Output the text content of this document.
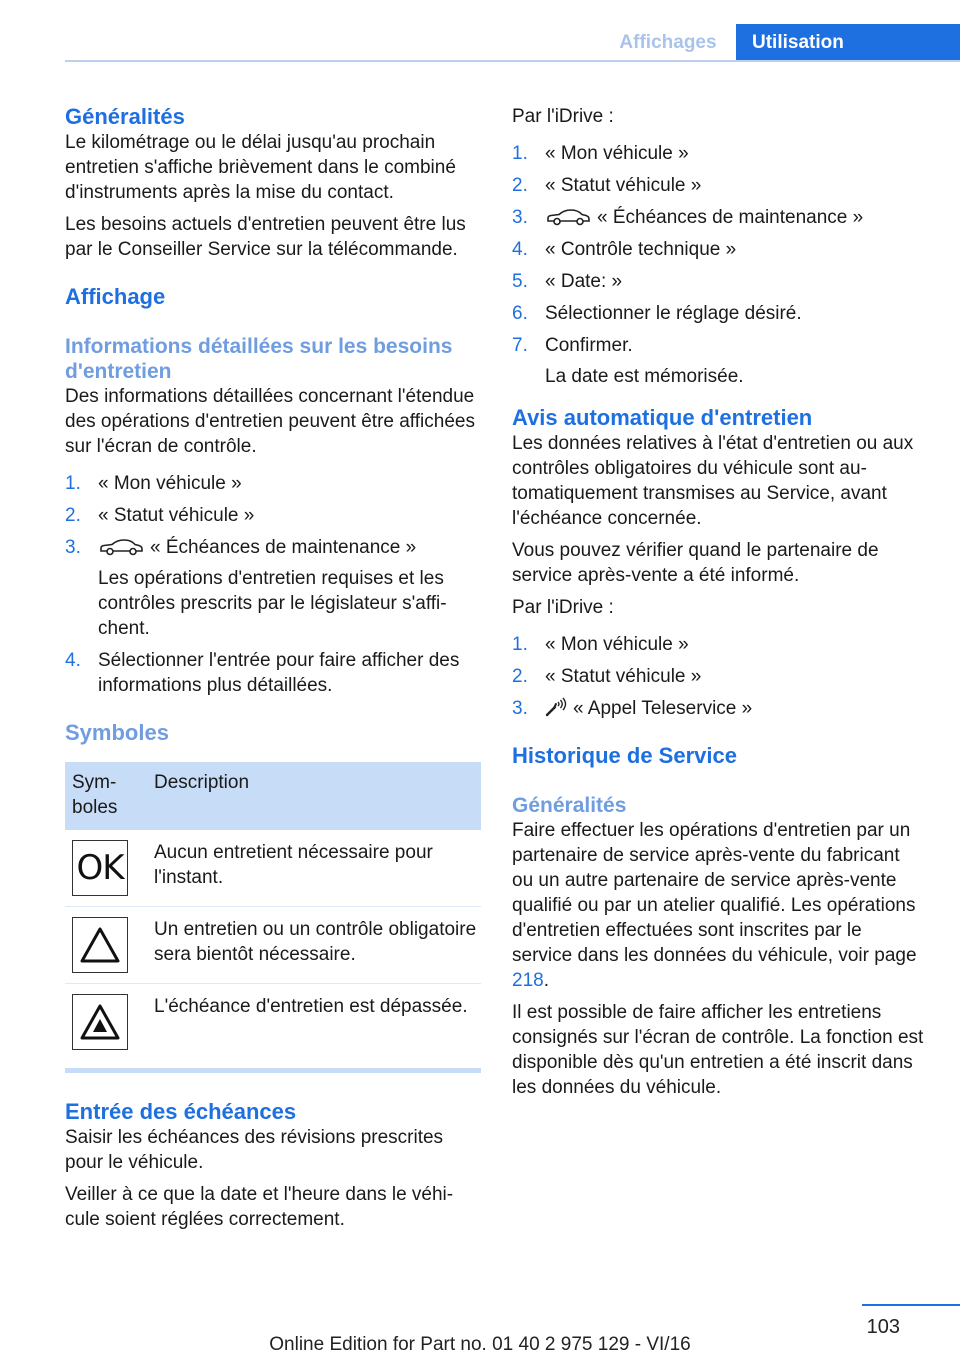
Affichages	Utilisation
Généralités

Le kilométrage ou le délai jusqu'au prochain entretien s'affiche brièvement dans le combiné d'instruments après la mise du contact.

Les besoins actuels d'entretien peuvent être lus par le Conseiller Service sur la télécommande.

Affichage
Informations détaillées sur les besoins d'entretien

Des informations détaillées concernant l'étendue des opérations d'entretien peuvent être affichées sur l'écran de contrôle.

1. « Mon véhicule »
2. « Statut véhicule »
3.	« Échéances de maintenance »
Les opérations d'entretien requises et les contrôles prescrits par le législateur s'affichent.
4. Sélectionner l'entrée pour faire afficher des informations plus détaillées.
Symboles
Symboles	Description

OK	Aucun entretient nécessaire pour l'instant.

	Un entretien ou un contrôle obligatoire sera bientôt nécessaire.

	L'échéance d'entretien est dépassée.
Entrée des échéances

Saisir les échéances des révisions prescrites pour le véhicule.

Veiller à ce que la date et l'heure dans le véhicule soient réglées correctement.

Par l'iDrive :

1. « Mon véhicule »
2. « Statut véhicule »
3.	« Échéances de maintenance »
4. « Contrôle technique »
5. « Date: »
6. Sélectionner le réglage désiré.
7. Confirmer.
La date est mémorisée.
Avis automatique d'entretien

Les données relatives à l'état d'entretien ou aux contrôles obligatoires du véhicule sont automatiquement transmises au Service, avant l'échéance concernée.

Vous pouvez vérifier quand le partenaire de service après-vente a été informé.

Par l'iDrive :

1. « Mon véhicule »
2. « Statut véhicule »
3. « Appel Teleservice »
Historique de Service
Généralités

Faire effectuer les opérations d'entretien par un partenaire de service après-vente du fabricant ou un autre partenaire de service après-vente qualifié ou par un atelier qualifié. Les opérations d'entretien effectuées sont inscrites par le service dans les données du véhicule, voir page 218.

Il est possible de faire afficher les entretiens consignés sur l'écran de contrôle. La fonction est disponible dès qu'un entretien a été inscrit dans les données du véhicule.

103
Online Edition for Part no. 01 40 2 975 129 - VI/16
